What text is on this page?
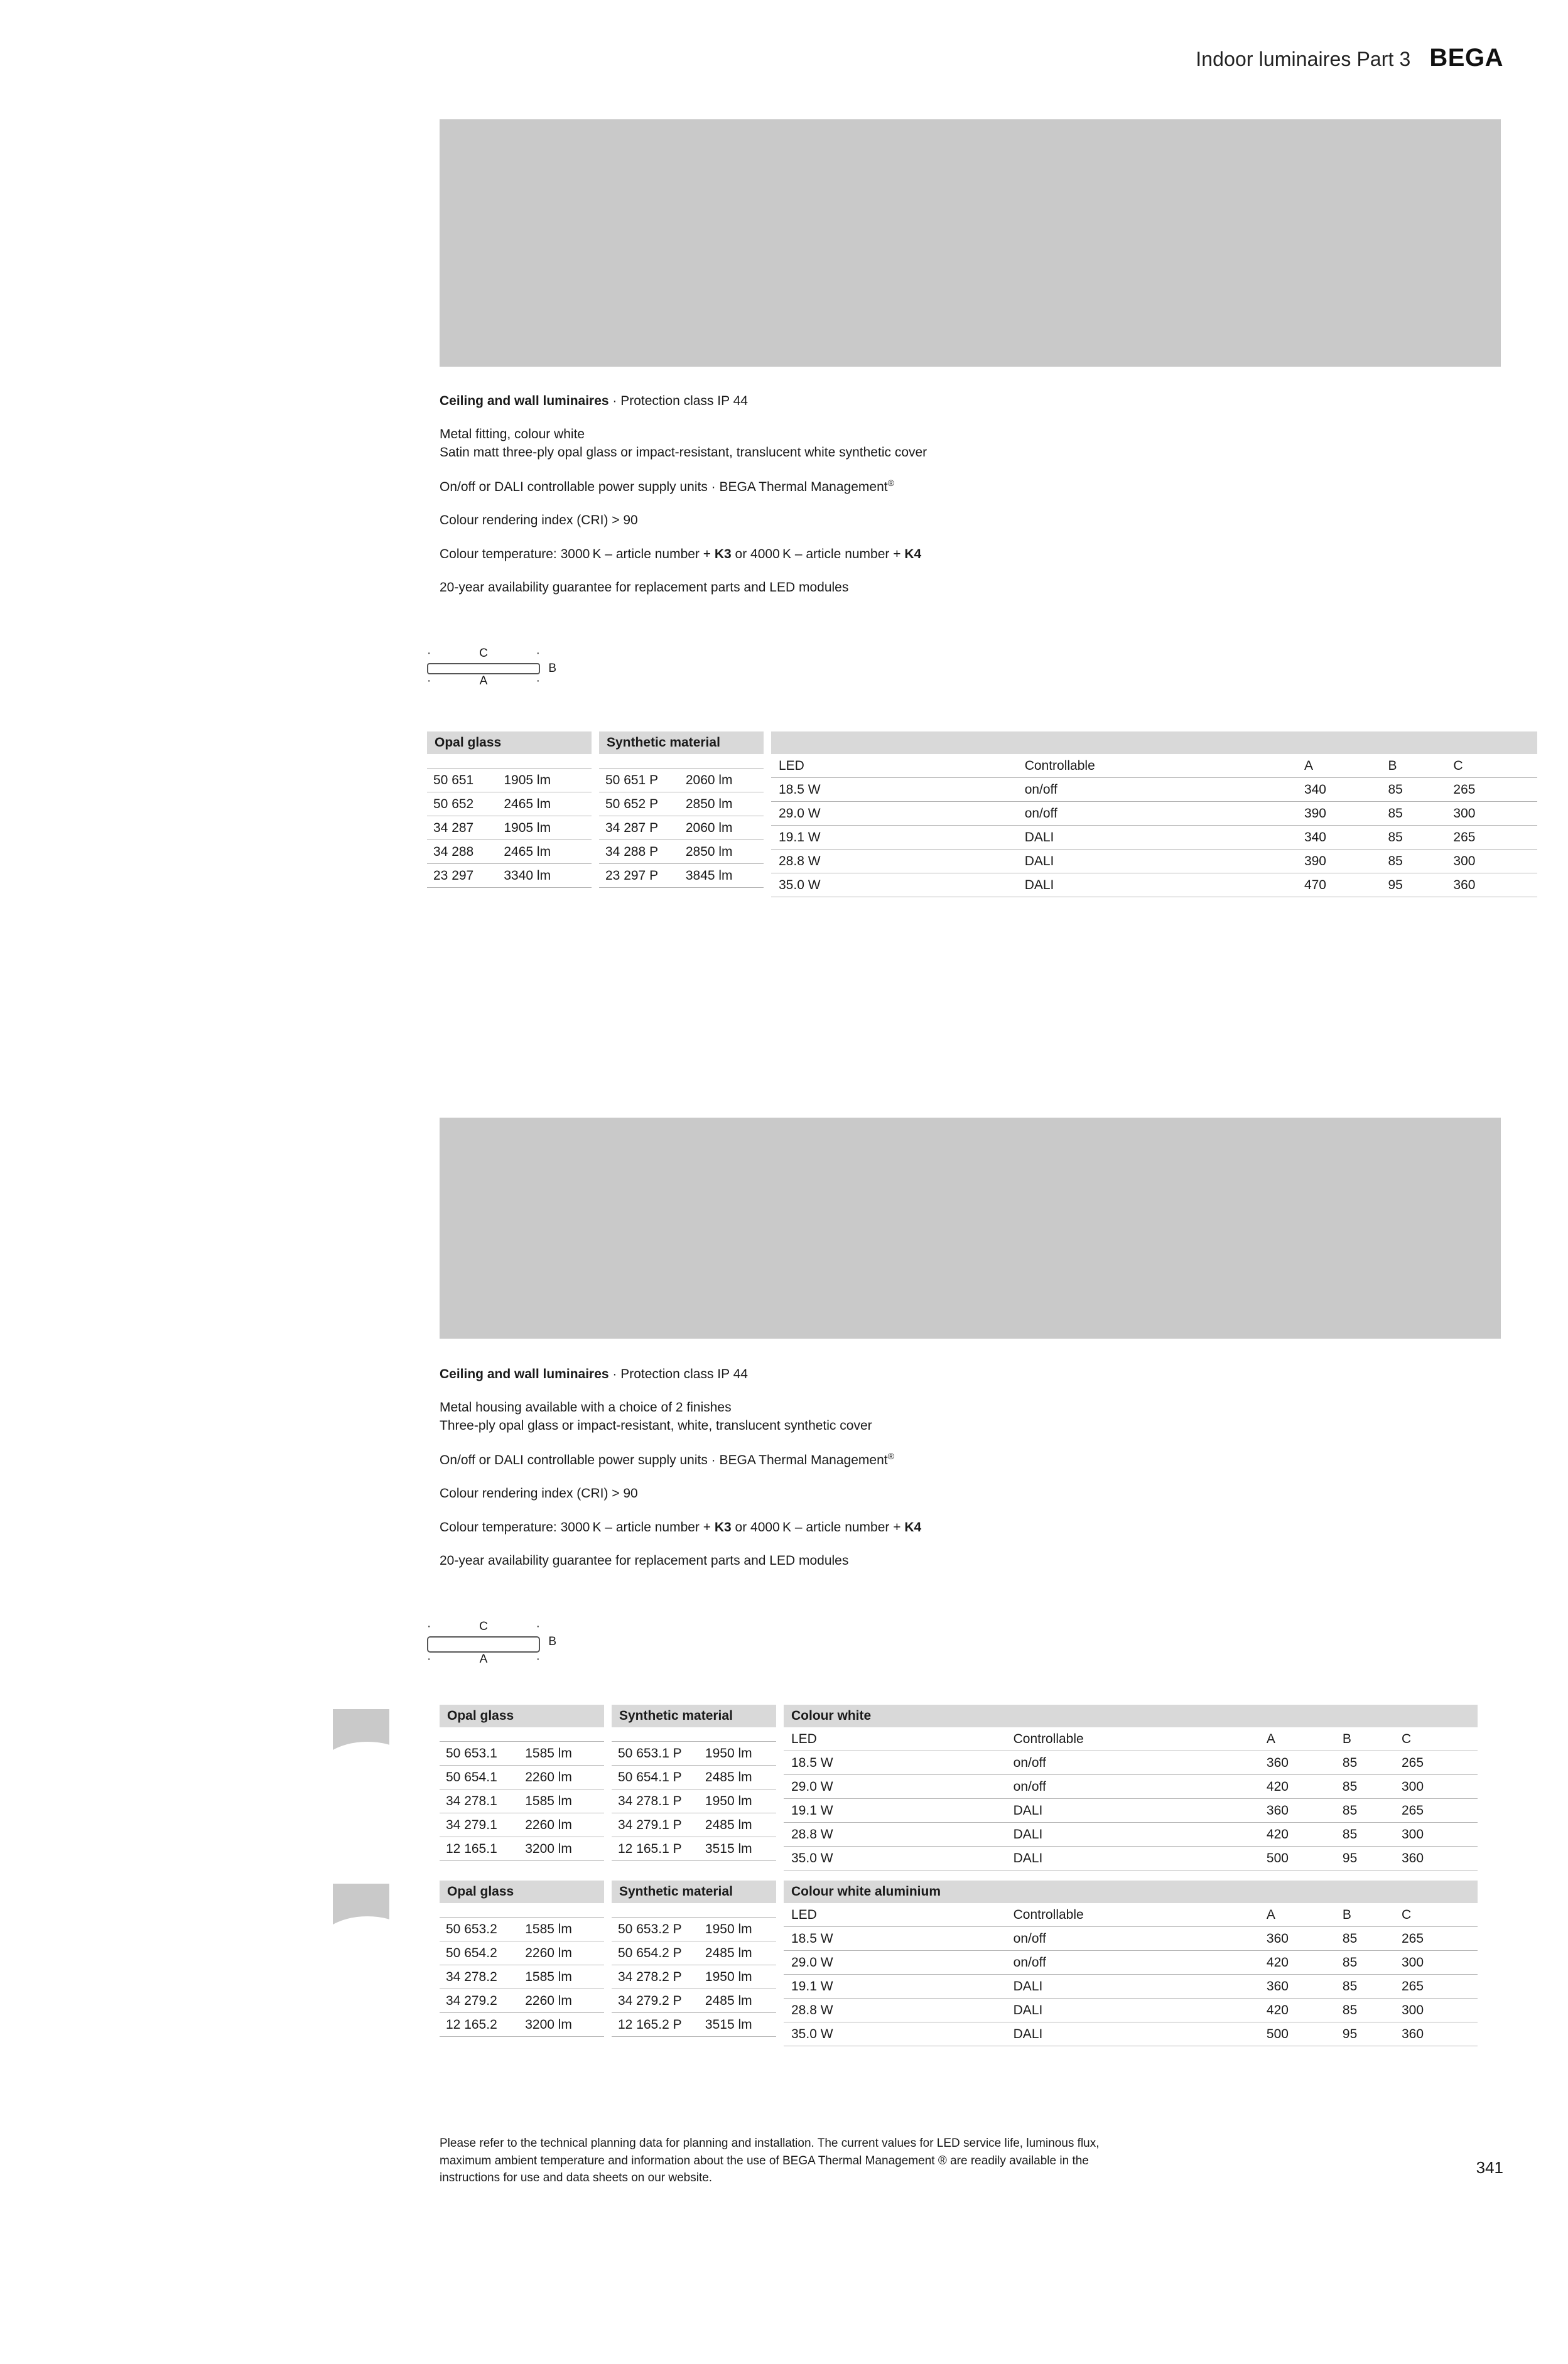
Indoor luminaires Part 3 BEGA

Ceiling and wall luminaires · Protection class IP 44

Metal fitting, colour white
Satin matt three-ply opal glass or impact-resistant, translucent white synthetic cover

On/off or DALI controllable power supply units · BEGA Thermal Management®

Colour rendering index (CRI) > 90

Colour temperature: 3000 K – article number + K3 or 4000 K – article number + K4

20-year availability guarantee for replacement parts and LED modules

·	C	·
B
·	A	·
Opal glass	Synthetic material
50 651	1905 lm
50 652	2465 lm
34 287	1905 lm
34 288	2465 lm
23 297	3340 lm
50 651 P	2060 lm
50 652 P	2850 lm
34 287 P	2060 lm
34 288 P	2850 lm
23 297 P	3845 lm
LED	Controllable	A	B	C
18.5 W	on/off	340	85	265
29.0 W	on/off	390	85	300
19.1 W	DALI	340	85	265
28.8 W	DALI	390	85	300
35.0 W	DALI	470	95	360

Ceiling and wall luminaires · Protection class IP 44

Metal housing available with a choice of 2 finishes
Three-ply opal glass or impact-resistant, white, translucent synthetic cover

On/off or DALI controllable power supply units · BEGA Thermal Management®

Colour rendering index (CRI) > 90

Colour temperature: 3000 K – article number + K3 or 4000 K – article number + K4

20-year availability guarantee for replacement parts and LED modules

·	C	·
B
·	A	·
Opal glass	Synthetic material	Colour white
50 653.1	1585 lm
50 654.1	2260 lm
34 278.1	1585 lm
34 279.1	2260 lm
12 165.1	3200 lm
50 653.1 P	1950 lm
50 654.1 P	2485 lm
34 278.1 P	1950 lm
34 279.1 P	2485 lm
12 165.1 P	3515 lm
LED	Controllable	A	B	C
18.5 W	on/off	360	85	265
29.0 W	on/off	420	85	300
19.1 W	DALI	360	85	265
28.8 W	DALI	420	85	300
35.0 W	DALI	500	95	360
Opal glass	Synthetic material	Colour white aluminium
50 653.2	1585 lm
50 654.2	2260 lm
34 278.2	1585 lm
34 279.2	2260 lm
12 165.2	3200 lm
50 653.2 P	1950 lm
50 654.2 P	2485 lm
34 278.2 P	1950 lm
34 279.2 P	2485 lm
12 165.2 P	3515 lm
LED	Controllable	A	B	C
18.5 W	on/off	360	85	265
29.0 W	on/off	420	85	300
19.1 W	DALI	360	85	265
28.8 W	DALI	420	85	300
35.0 W	DALI	500	95	360
Please refer to the technical planning data for planning and installation. The current values for LED service life, luminous flux,
maximum ambient temperature and information about the use of BEGA Thermal Management ® are readily available in the
instructions for use and data sheets on our website.
341
